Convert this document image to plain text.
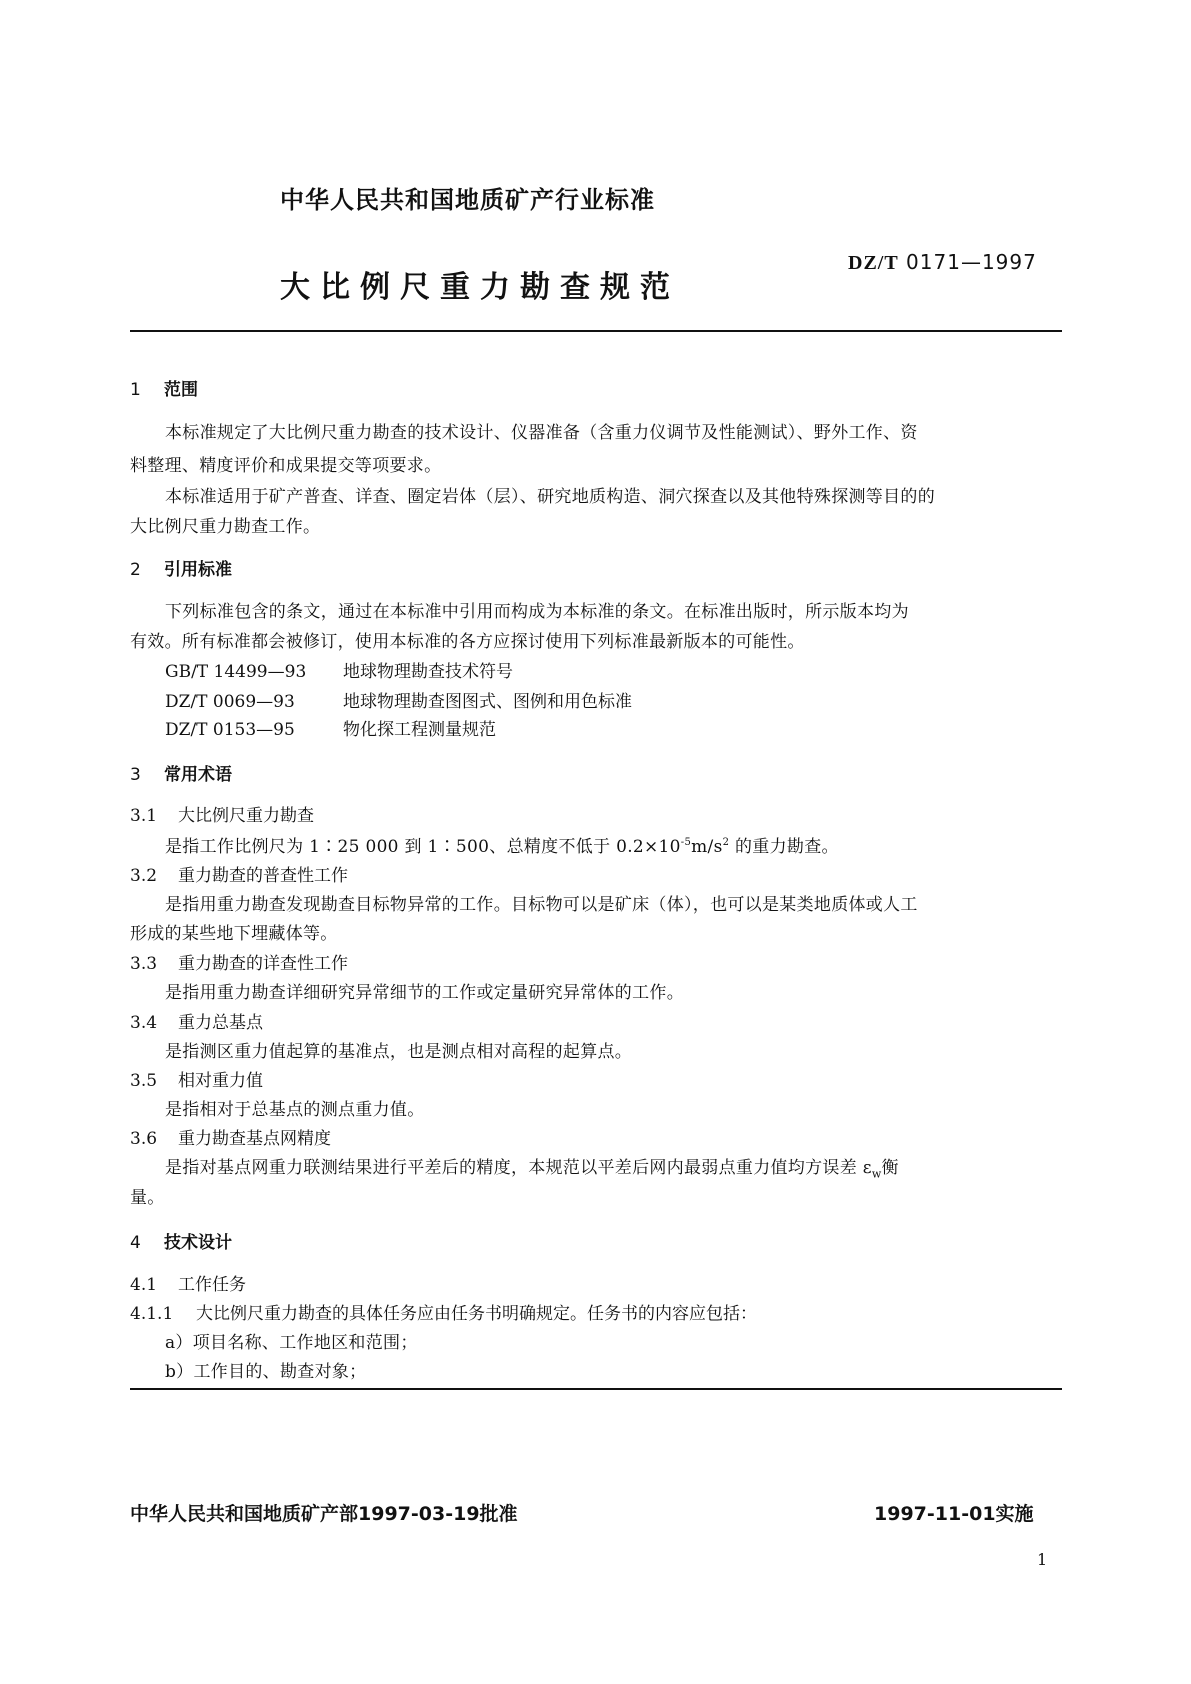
中华人民共和国地质矿产行业标准
大比例尺重力勘查规范
DZ/T 0171—1997
1 范围
本标准规定了大比例尺重力勘查的技术设计、仪器准备（含重力仪调节及性能测试）、野外工作、资
料整理、精度评价和成果提交等项要求。
本标准适用于矿产普查、详查、圈定岩体（层）、研究地质构造、洞穴探查以及其他特殊探测等目的的
大比例尺重力勘查工作。
2 引用标准
下列标准包含的条文，通过在本标准中引用而构成为本标准的条文。在标准出版时，所示版本均为
有效。所有标准都会被修订，使用本标准的各方应探讨使用下列标准最新版本的可能性。
GB/T 14499—93 地球物理勘查技术符号
DZ/T 0069—93	地球物理勘查图图式、图例和用色标准
DZ/T 0153—95	物化探工程测量规范
3 常用术语
3.1 大比例尺重力勘查
是指工作比例尺为 1∶25 000 到 1∶500、总精度不低于 $0.2\times 10^{-5}m/s^2$ 的重力勘查。
3.2 重力勘查的普查性工作
是指用重力勘查发现勘查目标物异常的工作。目标物可以是矿床（体），也可以是某类地质体或人工
形成的某些地下埋藏体等。
3.3 重力勘查的详查性工作
是指用重力勘查详细研究异常细节的工作或定量研究异常体的工作。
3.4 重力总基点
是指测区重力值起算的基准点，也是测点相对高程的起算点。
3.5 相对重力值
是指相对于总基点的测点重力值。
3.6 重力勘查基点网精度
是指对基点网重力联测结果进行平差后的精度，本规范以平差后网内最弱点重力值均方误差 $\varepsilon_w$衡
量。
4 技术设计
4.1 工作任务
4.1.1 大比例尺重力勘查的具体任务应由任务书明确规定。任务书的内容应包括：
a）项目名称、工作地区和范围；
b）工作目的、勘查对象；
中华人民共和国地质矿产部1997-03-19批准	1997-11-01实施
1
